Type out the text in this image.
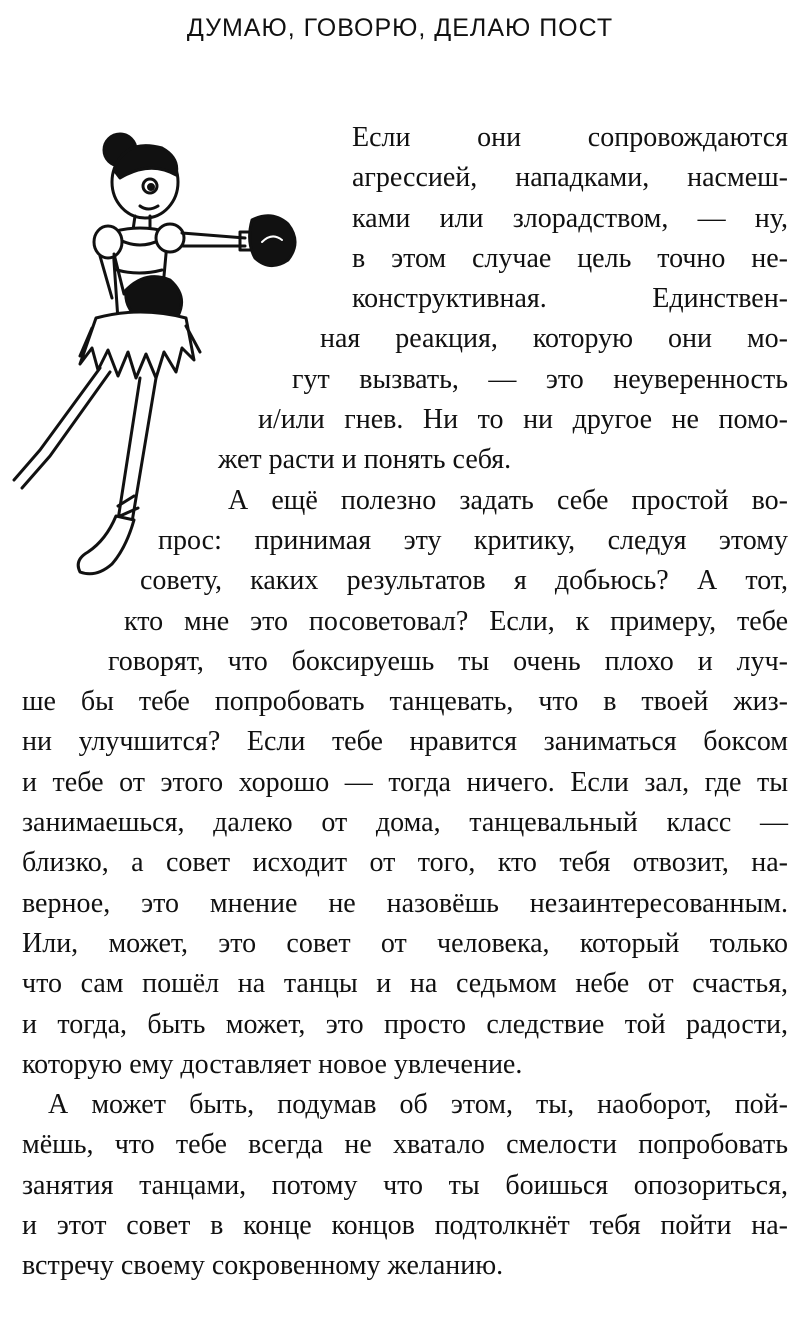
ДУМАЮ, ГОВОРЮ, ДЕЛАЮ ПОСТ
Если они сопровождаются
агрессией, нападками, насмеш-
ками или злорадством, — ну,
в этом случае цель точно не-
конструктивная. Единствен-
ная реакция, которую они мо-
гут вызвать, — это неуверенность
и/или гнев. Ни то ни другое не помо-
жет расти и понять себя.
А ещё полезно задать себе простой во-
прос: принимая эту критику, следуя этому
совету, каких результатов я добьюсь? А тот,
кто мне это посоветовал? Если, к примеру, тебе
говорят, что боксируешь ты очень плохо и луч-
ше бы тебе попробовать танцевать, что в твоей жиз-
ни улучшится? Если тебе нравится заниматься боксом
и тебе от этого хорошо — тогда ничего. Если зал, где ты
занимаешься, далеко от дома, танцевальный класс —
близко, а совет исходит от того, кто тебя отвозит, на-
верное, это мнение не назовёшь незаинтересованным.
Или, может, это совет от человека, который только
что сам пошёл на танцы и на седьмом небе от счастья,
и тогда, быть может, это просто следствие той радости,
которую ему доставляет новое увлечение.
А может быть, подумав об этом, ты, наоборот, пой-
мёшь, что тебе всегда не хватало смелости попробовать
занятия танцами, потому что ты боишься опозориться,
и этот совет в конце концов подтолкнёт тебя пойти на-
встречу своему сокровенному желанию.
